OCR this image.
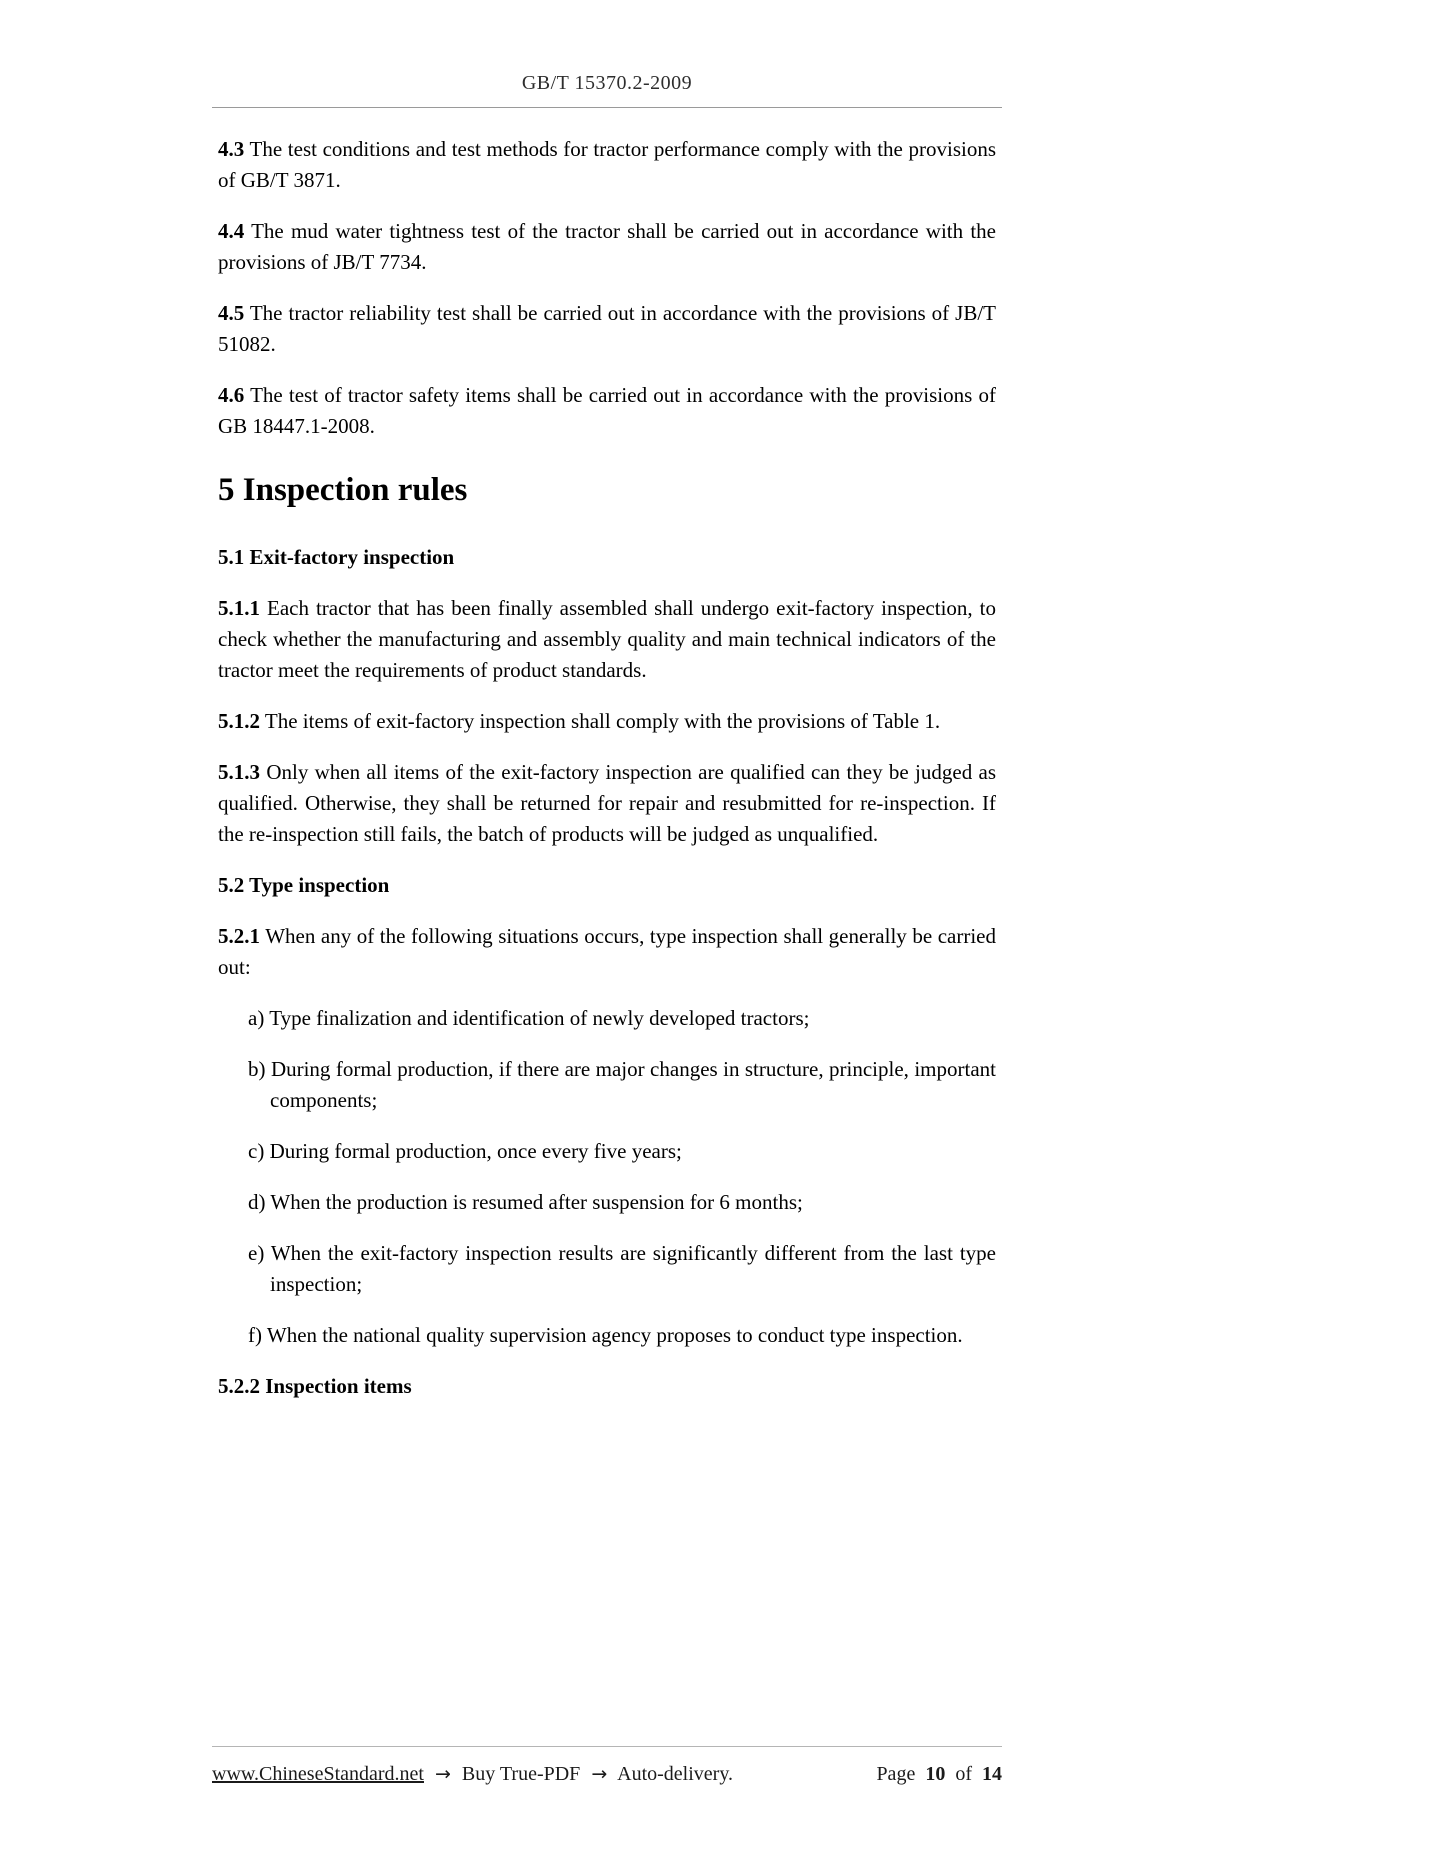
GB/T 15370.2-2009

4.3 The test conditions and test methods for tractor performance comply with the provisions of GB/T 3871.

4.4 The mud water tightness test of the tractor shall be carried out in accordance with the provisions of JB/T 7734.

4.5 The tractor reliability test shall be carried out in accordance with the provisions of JB/T 51082.

4.6 The test of tractor safety items shall be carried out in accordance with the provisions of GB 18447.1-2008.

5 Inspection rules
5.1 Exit-factory inspection

5.1.1 Each tractor that has been finally assembled shall undergo exit-factory inspection, to check whether the manufacturing and assembly quality and main technical indicators of the tractor meet the requirements of product standards.

5.1.2 The items of exit-factory inspection shall comply with the provisions of Table 1.

5.1.3 Only when all items of the exit-factory inspection are qualified can they be judged as qualified. Otherwise, they shall be returned for repair and resubmitted for re-inspection. If the re-inspection still fails, the batch of products will be judged as unqualified.

5.2 Type inspection

5.2.1 When any of the following situations occurs, type inspection shall generally be carried out:

a) Type finalization and identification of newly developed tractors;
b) During formal production, if there are major changes in structure, principle, important components;
c) During formal production, once every five years;
d) When the production is resumed after suspension for 6 months;
e) When the exit-factory inspection results are significantly different from the last type inspection;
f) When the national quality supervision agency proposes to conduct type inspection.
5.2.2 Inspection items
www.ChineseStandard.net → Buy True-PDF → Auto-delivery.	Page 10 of 14
